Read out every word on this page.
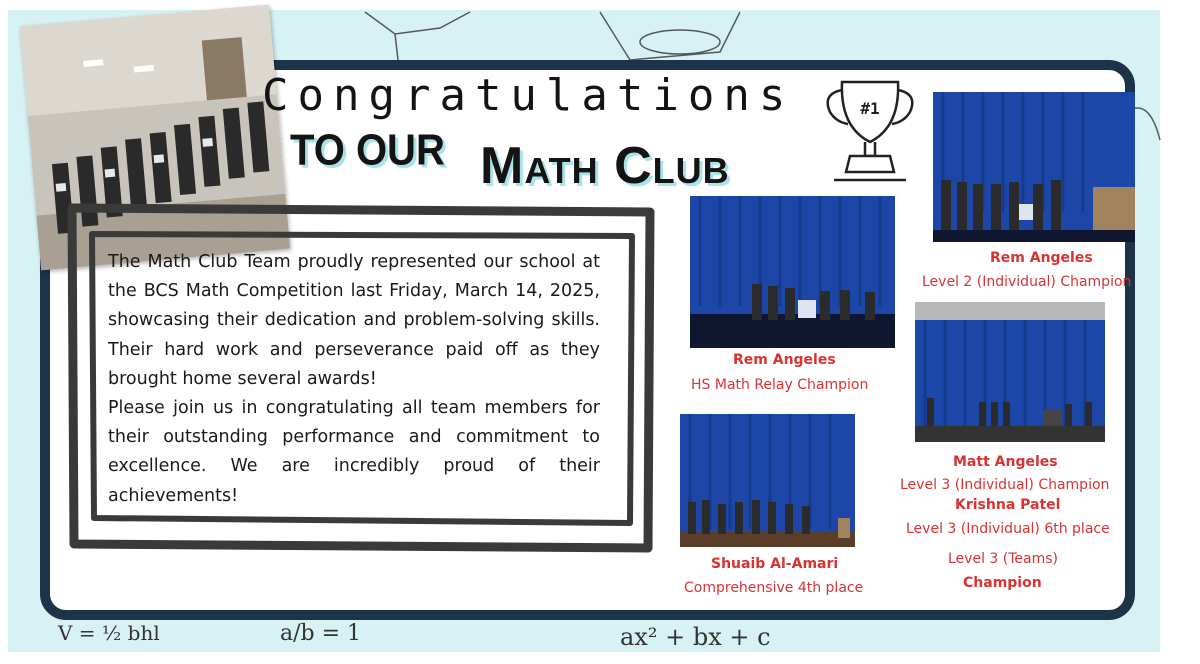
V = ½ bhl	a/b = 1	ax² + bx + c
Congratulations
TO OUR Math Club
#1

The Math Club Team proudly represented our school at the BCS Math Competition last Friday, March 14, 2025, showcasing their dedication and problem-solving skills. Their hard work and perseverance paid off as they brought home several awards!

Please join us in congratulating all team members for their outstanding performance and commitment to excellence. We are incredibly proud of their achievements!

Rem Angeles
HS Math Relay Champion
Rem Angeles
Level 2 (Individual) Champion
Shuaib Al-Amari
Comprehensive 4th place
Matt Angeles
Level 3 (Individual) Champion
Krishna Patel
Level 3 (Individual) 6th place
Level 3 (Teams)
Champion
